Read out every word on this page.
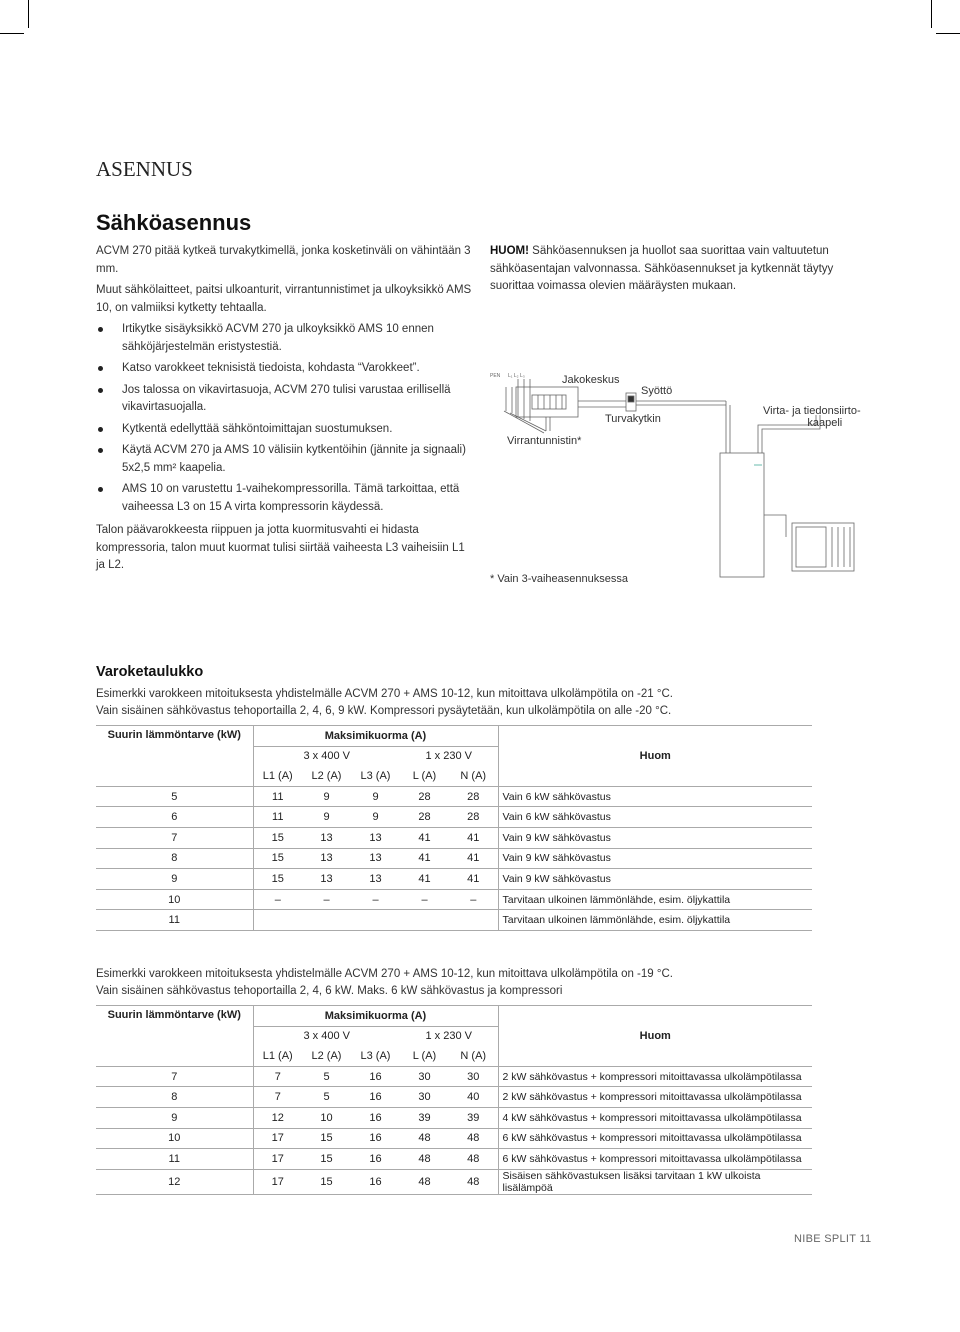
ASENNUS
Sähköasennus

ACVM 270 pitää kytkeä turvakytkimellä, jonka kosketinväli on vähintään 3 mm.

Muut sähkölaitteet, paitsi ulkoanturit, virrantunnistimet ja ulkoyksikkö AMS 10, on valmiiksi kytketty tehtaalla.

Irtikytke sisäyksikkö ACVM 270 ja ulkoyksikkö AMS 10 ennen sähköjärjestelmän eristystestiä.
Katso varokkeet teknisistä tiedoista, kohdasta “Varokkeet”.
Jos talossa on vikavirtasuoja, ACVM 270 tulisi varustaa erillisellä vikavirtasuojalla.
Kytkentä edellyttää sähköntoimittajan suostumuksen.
Käytä ACVM 270 ja AMS 10 välisiin kytkentöihin (jännite ja signaali) 5x2,5 mm² kaapelia.
AMS 10 on varustettu 1-vaihekompressorilla. Tämä tarkoittaa, että vaiheessa L3 on 15 A virta kompressorin käydessä.

Talon päävarokkeesta riippuen ja jotta kuormitusvahti ei hidasta kompressoria, talon muut kuormat tulisi siirtää vaiheesta L3 vaiheisiin L1 ja L2.

HUOM! Sähköasennuksen ja huollot saa suorittaa vain valtuutetun sähköasentajan valvonnassa. Sähköasennukset ja kytkennät täytyy suorittaa voimassa olevien määräysten mukaan.
PEN L₁ L₂ L₃	Jakokeskus
Syöttö
Turvakytkin
Virrantunnistin*
Virta- ja tiedonsiirto-
kaapeli
* Vain 3-vaiheasennuksessa
Varoketaulukko
Esimerkki varokkeen mitoituksesta yhdistelmälle ACVM 270 + AMS 10-12, kun mitoittava ulkolämpötila on -21 °C.
Vain sisäinen sähkövastus tehoportailla 2, 4, 6, 9 kW. Kompressori pysäytetään, kun ulkolämpötila on alle -20 °C.
Suurin lämmöntarve (kW)	Maksimikuorma (A)					Huom
	3 x 400 V			1 x 230 V		
	L1 (A)	L2 (A)	L3 (A)	L (A)	N (A)	
5	11	9	9	28	28	Vain 6 kW sähkövastus
6	11	9	9	28	28	Vain 6 kW sähkövastus
7	15	13	13	41	41	Vain 9 kW sähkövastus
8	15	13	13	41	41	Vain 9 kW sähkövastus
9	15	13	13	41	41	Vain 9 kW sähkövastus
10	–	–	–	–	–	Tarvitaan ulkoinen lämmönlähde, esim. öljykattila
11						Tarvitaan ulkoinen lämmönlähde, esim. öljykattila
Esimerkki varokkeen mitoituksesta yhdistelmälle ACVM 270 + AMS 10-12, kun mitoittava ulkolämpötila on -19 °C.
Vain sisäinen sähkövastus tehoportailla 2, 4, 6 kW. Maks. 6 kW sähkövastus ja kompressori
Suurin lämmöntarve (kW)	Maksimikuorma (A)					Huom
	3 x 400 V			1 x 230 V		
	L1 (A)	L2 (A)	L3 (A)	L (A)	N (A)	
7	7	5	16	30	30	2 kW sähkövastus + kompressori mitoittavassa ulkolämpötilassa
8	7	5	16	30	40	2 kW sähkövastus + kompressori mitoittavassa ulkolämpötilassa
9	12	10	16	39	39	4 kW sähkövastus + kompressori mitoittavassa ulkolämpötilassa
10	17	15	16	48	48	6 kW sähkövastus + kompressori mitoittavassa ulkolämpötilassa
11	17	15	16	48	48	6 kW sähkövastus + kompressori mitoittavassa ulkolämpötilassa
12	17	15	16	48	48	Sisäisen sähkövastuksen lisäksi tarvitaan 1 kW ulkoista lisälämpöä
NIBE SPLIT 11
